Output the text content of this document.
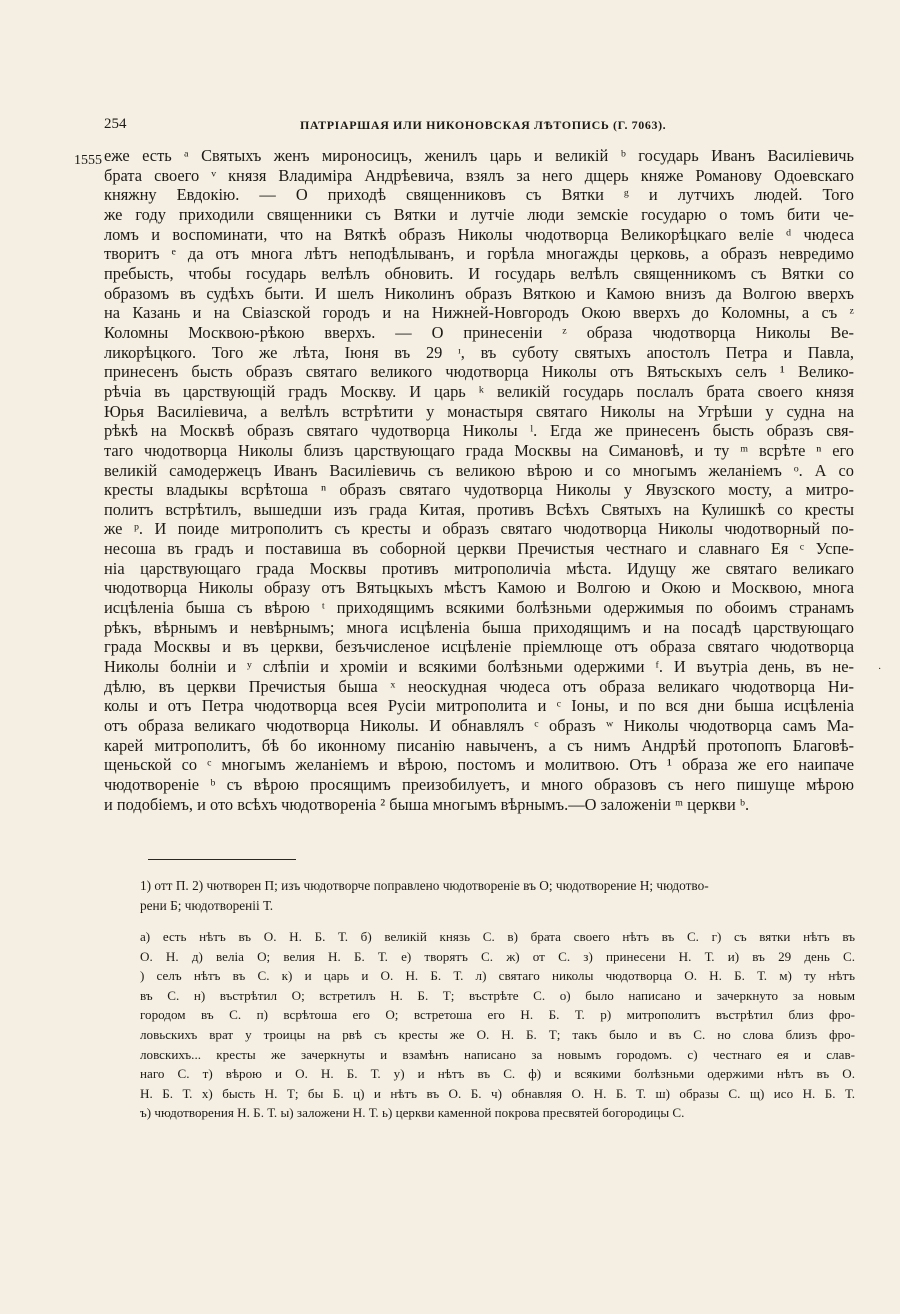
254	ПАТРІАРШАЯ ИЛИ НИКОНОВСКАЯ ЛѢТОПИСЬ (Г. 7063).
1555 еже есть ᵃ Святыхъ женъ мироносицъ, женилъ царь и великій ᵇ государь Иванъ Василіевичь
брата своего ᵛ князя Владиміра Андрѣевича, взялъ за него дщерь княже Романову Одоевскаго
княжну Евдокію. — О приходѣ священниковъ съ Вятки ᵍ и лутчихъ людей. Того
же году приходили священники съ Вятки и лутчіе люди земскіе государю о томъ бити че-
ломъ и воспоминати, что на Вяткѣ образъ Николы чюдотворца Великорѣцкаго веліе ᵈ чюдеса
творитъ ᵉ да отъ многа лѣтъ неподѣлыванъ, и горѣла многажды церковь, а образъ невредимо
пребысть, чтобы государь велѣлъ обновить. И государь велѣлъ священникомъ съ Вятки со
образомъ въ судѣхъ быти. И шелъ Николинъ образъ Вяткою и Камою внизъ да Волгою вверхъ
на Казань и на Свіазской городъ и на Нижней-Новгородъ Окою вверхъ до Коломны, а съ ᶻ
Коломны Москвою-рѣкою вверхъ. — О принесеніи ᶻ образа чюдотворца Николы Ве-
ликорѣцкого. Того же лѣта, Іюня въ 29 ᶦ, въ суботу святыхъ апостолъ Петра и Павла,
принесенъ бысть образъ святаго великого чюдотворца Николы отъ Вятьскыхъ селъ ¹ Велико-
рѣчіа въ царствующій градъ Москву. И царь ᵏ великій государь послалъ брата своего князя
Юрья Василіевича, а велѣлъ встрѣтити у монастыря святаго Николы на Угрѣши у судна на
рѣкѣ на Москвѣ образъ святаго чудотворца Николы ˡ. Егда же принесенъ бысть образъ свя-
таго чюдотворца Николы близъ царствующаго града Москвы на Симановѣ, и ту ᵐ всрѣте ⁿ его
великій самодержецъ Иванъ Василіевичь съ великою вѣрою и со многымъ желаніемъ ᵒ. А со
кресты владыкы всрѣтоша ⁿ образъ святаго чудотворца Николы у Явузского мосту, а митро-
политъ встрѣтилъ, вышедши изъ града Китая, противъ Всѣхъ Святыхъ на Кулишкѣ со кресты
же ᵖ. И поиде митрополитъ съ кресты и образъ святаго чюдотворца Николы чюдотворный по-
несоша въ градъ и поставиша въ соборной церкви Пречистыя честнаго и славнаго Ея ᶜ Успе-
ніа царствующаго града Москвы противъ митрополичіа мѣста. Идущу же святаго великаго
чюдотворца Николы образу отъ Вятьцкыхъ мѣстъ Камою и Волгою и Окою и Москвою, многа
исцѣленіа быша съ вѣрою ᵗ приходящимъ всякими болѣзньми одержимыя по обоимъ странамъ
рѣкъ, вѣрнымъ и невѣрнымъ; многа исцѣленіа быша приходящимъ и на посадѣ царствующаго
града Москвы и въ церкви, безъчисленое исцѣленіе пріемлюще отъ образа святаго чюдотворца
Николы болніи и ʸ слѣпіи и хромiи и всякими болѣзньми одержими ᶠ. И въутріа день, въ не-
дѣлю, въ церкви Пречистыя быша ˣ неоскудная чюдеса отъ образа великаго чюдотворца Ни-
колы и отъ Петра чюдотворца всея Русіи митрополита и ᶜ Іоны, и по вся дни быша исцѣленіа
отъ образа великаго чюдотворца Николы. И обнавлялъ ᶜ образъ ʷ Николы чюдотворца самъ Ма-
карей митрополитъ, бѣ бо иконному писанію навыченъ, а съ нимъ Андрѣй протопопъ Благовѣ-
щеньской со ᶜ многымъ желаніемъ и вѣрою, постомъ и молитвою. Отъ ¹ образа же его наипаче
чюдотвореніе ᵇ съ вѣрою просящимъ преизобилуетъ, и много образовъ съ него пишуще мѣрою
и подобіемъ, и ото всѣхъ чюдотвореніа ² быша многымъ вѣрнымъ.—О заложеніи ᵐ церкви ᵇ.
1) отт П. 2) чютворен П; изъ чюдотворче поправлено чюдотвореніе въ О; чюдотворение Н; чюдотво-
рени Б; чюдотвореніі Т.
а) есть нѣтъ въ О. Н. Б. Т. б) великій князь С. в) брата своего нѣтъ въ С. г) съ вятки нѣтъ въ
О. Н. д) веліа О; велия Н. Б. Т. е) творятъ С. ж) от С. з) принесени Н. Т. и) въ 29 день С.
) селъ нѣтъ въ С. к) и царь и О. Н. Б. Т. л) святаго николы чюдотворца О. Н. Б. Т. м) ту нѣтъ
въ С. н) въстрѣтил О; встретилъ Н. Б. Т; въстрѣте С. о) было написано и зачеркнуто за новым
городом въ С. п) всрѣтоша его О; встретоша его Н. Б. Т. р) митрополитъ въстрѣтил близ фро-
ловьскихъ врат у троицы на рвѣ съ кресты же О. Н. Б. Т; такъ было и въ С. но слова близъ фро-
ловскихъ... кресты же зачеркнуты и взамѣнъ написано за новымъ городомъ. с) честнаго ея и слав-
наго С. т) вѣрою и О. Н. Б. Т. у) и нѣтъ въ С. ф) и всякими болѣзньми одержими нѣтъ въ О.
Н. Б. Т. х) бысть Н. Т; бы Б. ц) и нѣтъ въ О. Б. ч) обнавляя О. Н. Б. Т. ш) образы С. щ) исо Н. Б. Т.
ъ) чюдотворения Н. Б. Т. ы) заложени Н. Т. ь) церкви каменной покрова пресвятей богородицы С.
·
